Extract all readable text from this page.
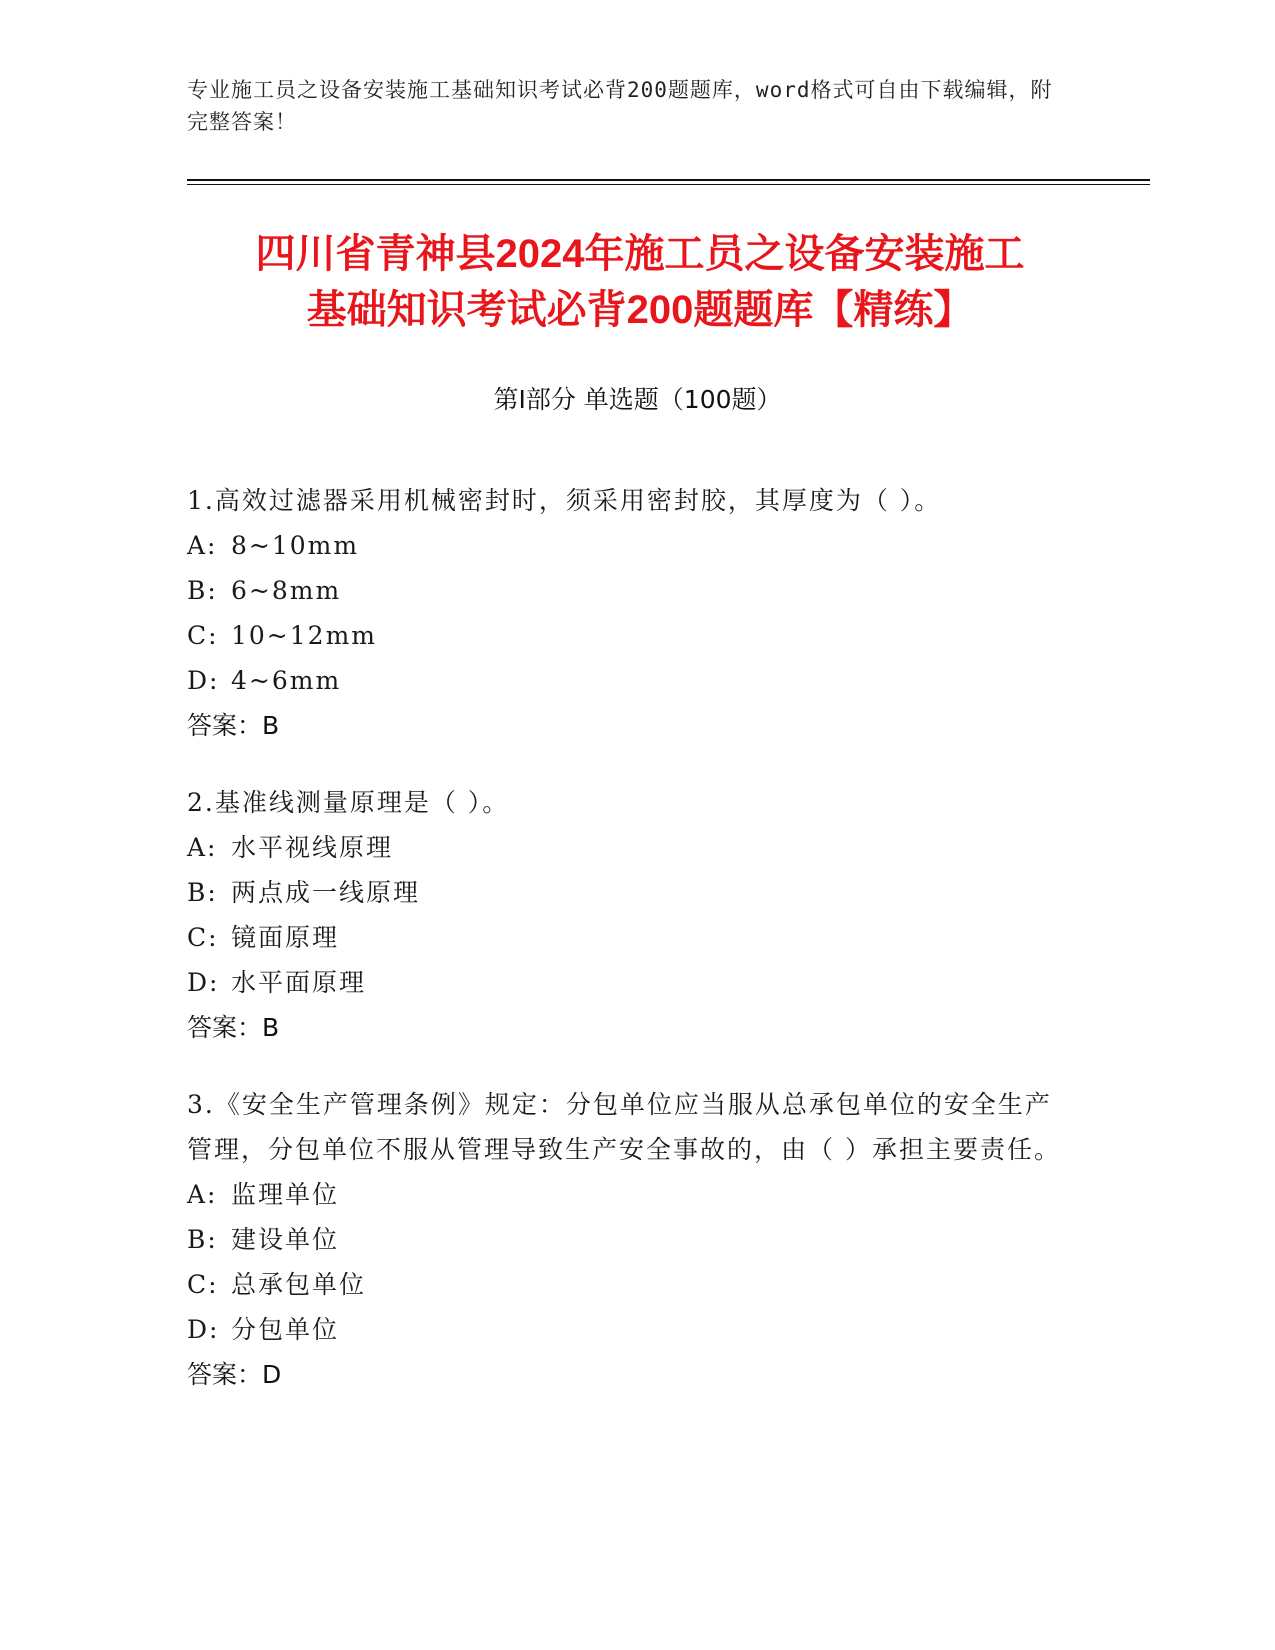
专业施工员之设备安装施工基础知识考试必背200题题库，word格式可自由下载编辑，附完整答案！
四川省青神县2024年施工员之设备安装施工
基础知识考试必背200题题库【精练】
第I部分 单选题（100题）
1.高效过滤器采用机械密封时，须采用密封胶，其厚度为（ ）。
A: 8~10mm
B: 6~8mm
C: 10~12mm
D: 4~6mm
答案：B
2.基准线测量原理是（ ）。
A: 水平视线原理
B: 两点成一线原理
C: 镜面原理
D: 水平面原理
答案：B
3.《安全生产管理条例》规定：分包单位应当服从总承包单位的安全生产管理，分包单位不服从管理导致生产安全事故的，由（ ）承担主要责任。
A: 监理单位
B: 建设单位
C: 总承包单位
D: 分包单位
答案：D
